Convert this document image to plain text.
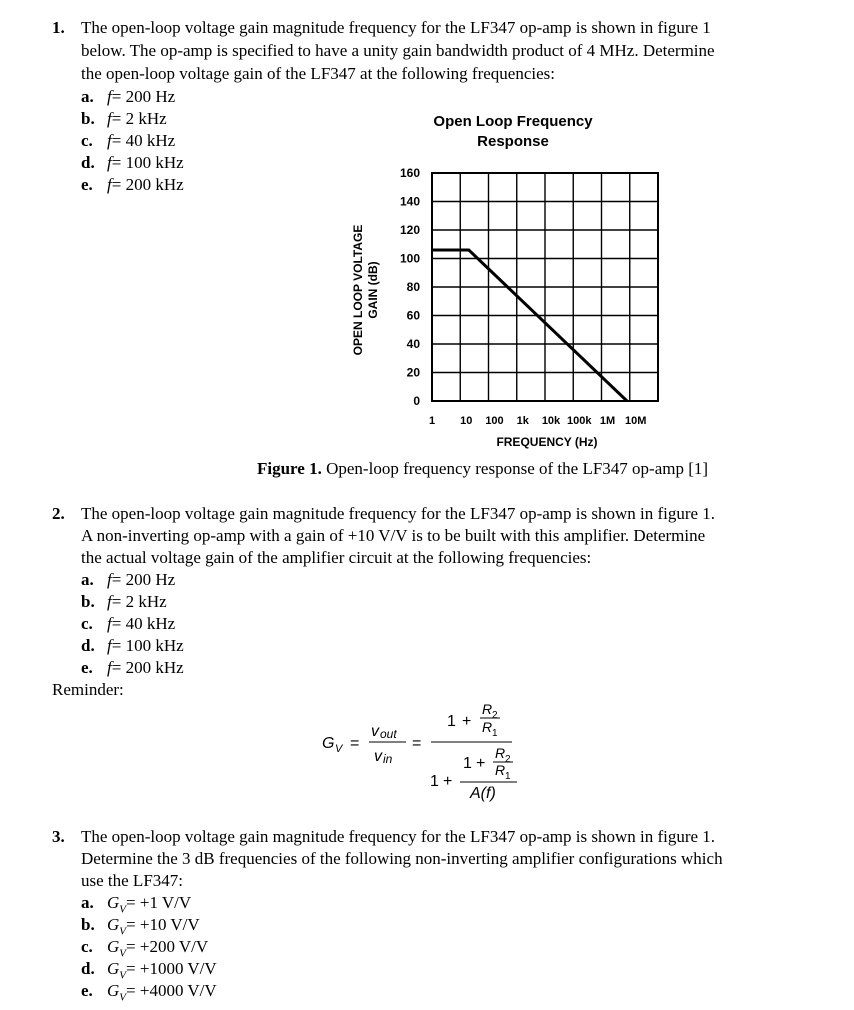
1. The open-loop voltage gain magnitude frequency for the LF347 op-amp is shown in figure 1
below. The op-amp is specified to have a unity gain bandwidth product of 4 MHz. Determine
the open-loop voltage gain of the LF347 at the following frequencies:
a. f= 200 Hz
b. f= 2 kHz
c. f= 40 kHz
d. f= 100 kHz
e. f= 200 kHz
Open Loop Frequency
Response
OPEN LOOP VOLTAGE GAIN (dB)
0
20
40
60
80
100
120
140
160
1 10 100 1k 10k 100k 1M 10M
FREQUENCY (Hz)
Figure 1. Open-loop frequency response of the LF347 op-amp [1]
2. The open-loop voltage gain magnitude frequency for the LF347 op-amp is shown in figure 1.
A non-inverting op-amp with a gain of +10 V/V is to be built with this amplifier. Determine
the actual voltage gain of the amplifier circuit at the following frequencies:
a. f= 200 Hz
b. f= 2 kHz
c. f= 40 kHz
d. f= 100 kHz
e. f= 200 kHz
Reminder:
G V =
v out
v in
=
1 +
R 2
R 1
1 +
1 +
R 2
R 1
A(f)
3. The open-loop voltage gain magnitude frequency for the LF347 op-amp is shown in figure 1.
Determine the 3 dB frequencies of the following non-inverting amplifier configurations which
use the LF347:
a. $G_V= +1$ V/V
b. $G_V= +10$ V/V
c. $G_V= +200$ V/V
d. $G_V= +1000$ V/V
e. $G_V= +4000$ V/V
